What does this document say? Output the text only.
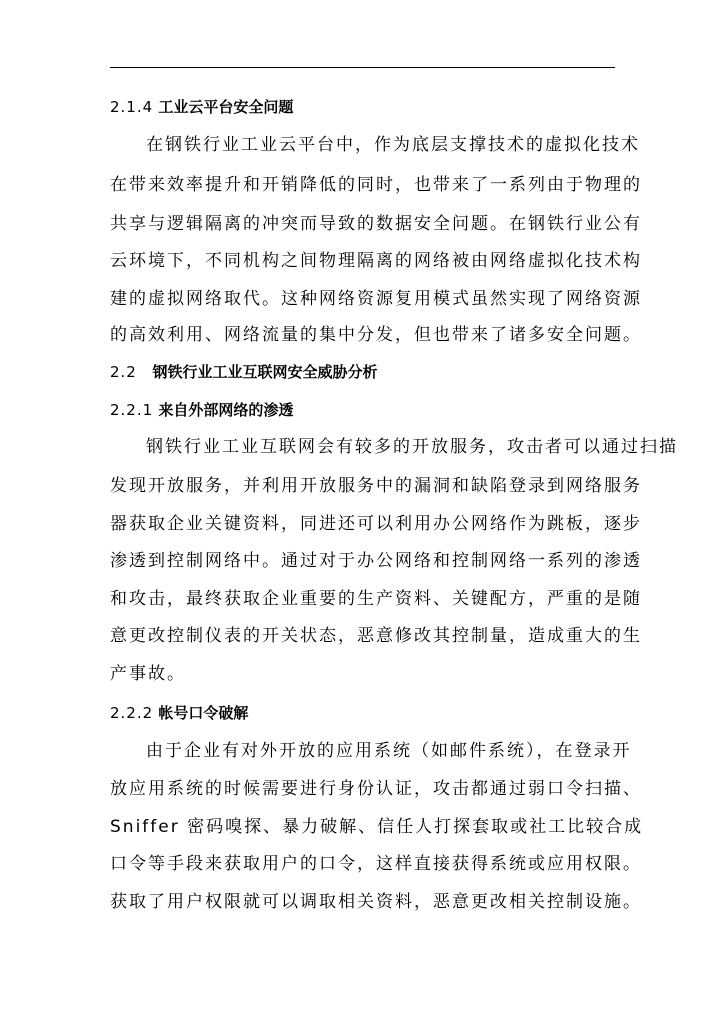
2.1.4 工业云平台安全问题
在钢铁行业工业云平台中，作为底层支撑技术的虚拟化技术
在带来效率提升和开销降低的同时，也带来了一系列由于物理的
共享与逻辑隔离的冲突而导致的数据安全问题。在钢铁行业公有
云环境下，不同机构之间物理隔离的网络被由网络虚拟化技术构
建的虚拟网络取代。这种网络资源复用模式虽然实现了网络资源
的高效利用、网络流量的集中分发，但也带来了诸多安全问题。
2.2 钢铁行业工业互联网安全威胁分析
2.2.1 来自外部网络的渗透
钢铁行业工业互联网会有较多的开放服务，攻击者可以通过扫描
发现开放服务，并利用开放服务中的漏洞和缺陷登录到网络服务
器获取企业关键资料，同进还可以利用办公网络作为跳板，逐步
渗透到控制网络中。通过对于办公网络和控制网络一系列的渗透
和攻击，最终获取企业重要的生产资料、关键配方，严重的是随
意更改控制仪表的开关状态，恶意修改其控制量，造成重大的生
产事故。
2.2.2 帐号口令破解
由于企业有对外开放的应用系统（如邮件系统），在登录开
放应用系统的时候需要进行身份认证，攻击都通过弱口令扫描、
Sniffer 密码嗅探、暴力破解、信任人打探套取或社工比较合成
口令等手段来获取用户的口令，这样直接获得系统或应用权限。
获取了用户权限就可以调取相关资料，恶意更改相关控制设施。
